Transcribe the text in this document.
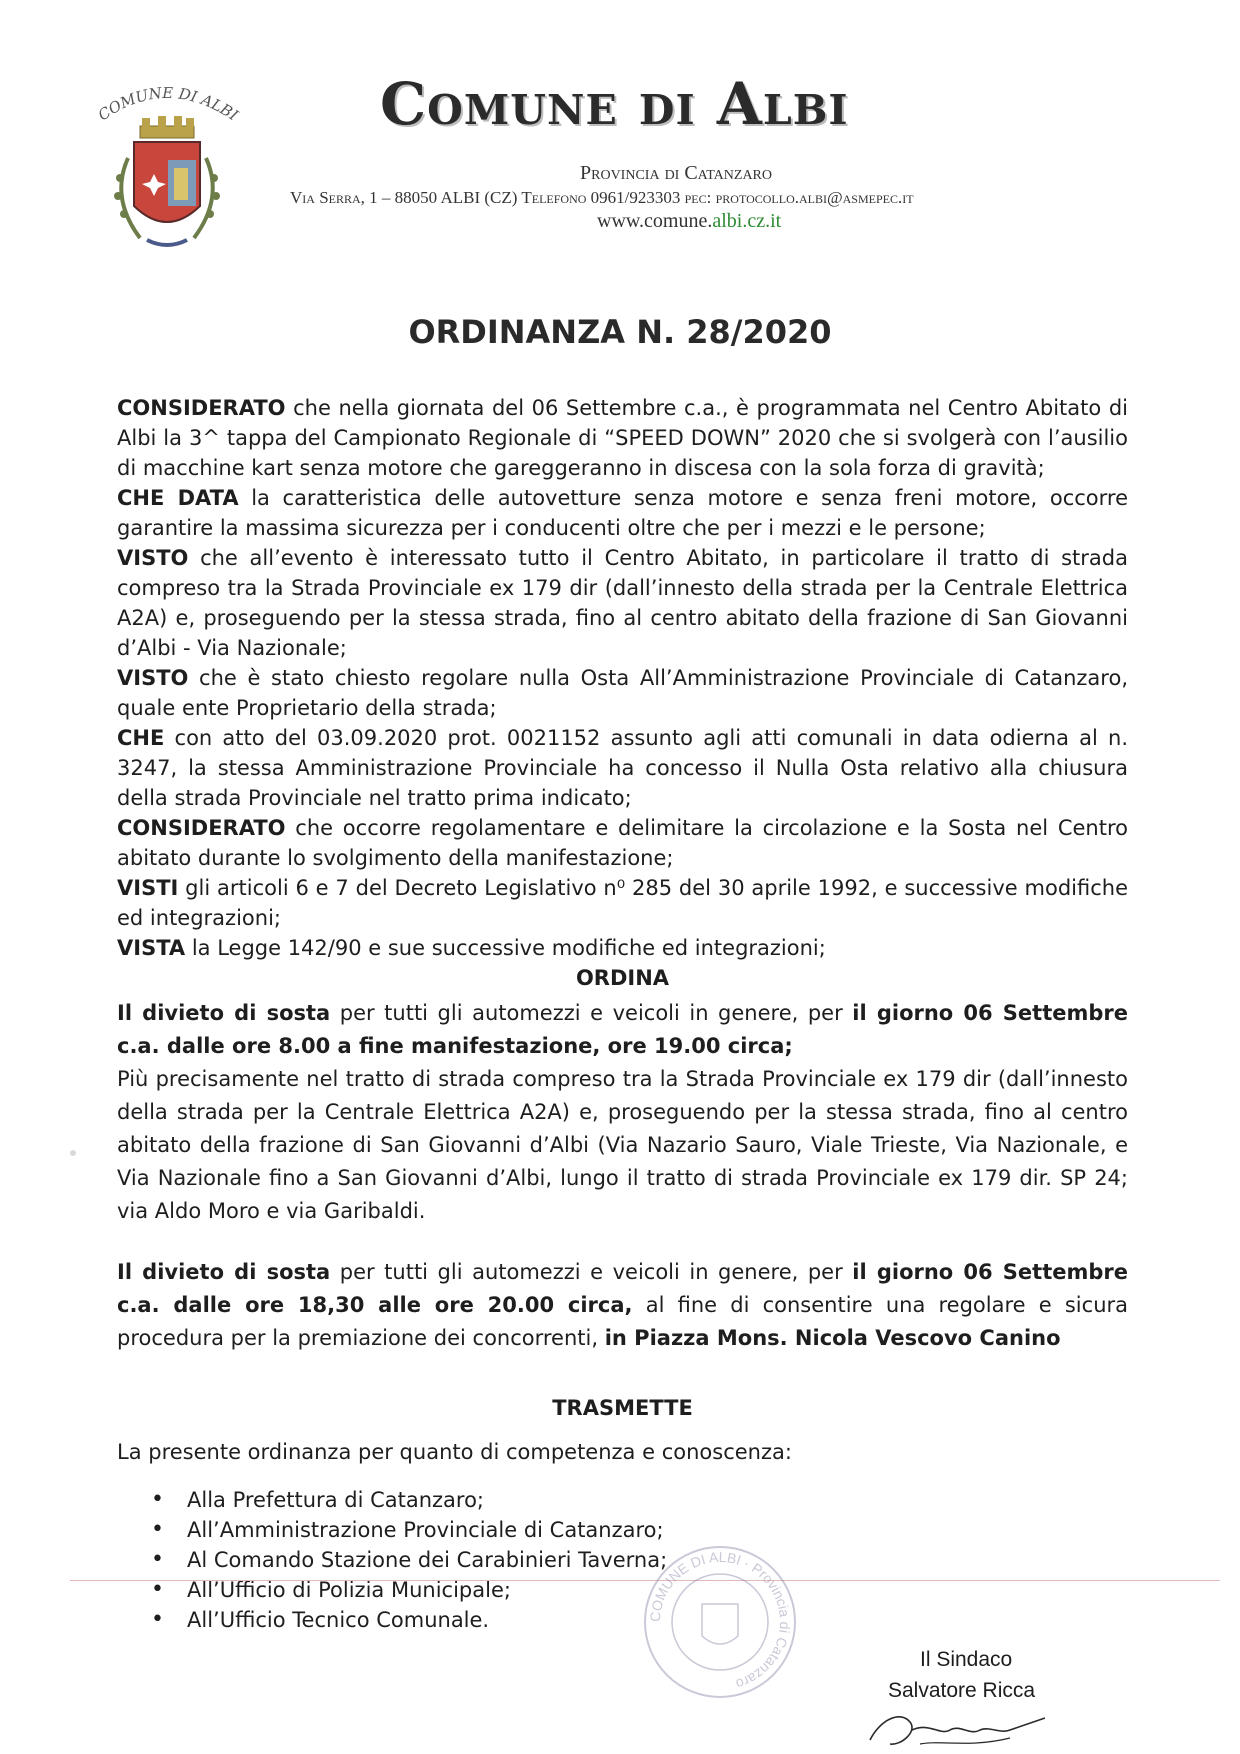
COMUNE DI ALBI Comune di Albi
Provincia di Catanzaro
Via Serra, 1 – 88050 ALBI (CZ) Telefono 0961/923303 pec: protocollo.albi@asmepec.it
www.comune.albi.cz.it
ORDINANZA N. 28/2020

CONSIDERATO che nella giornata del 06 Settembre c.a., è programmata nel Centro Abitato di Albi la 3^ tappa del Campionato Regionale di “SPEED DOWN” 2020 che si svolgerà con l’ausilio di macchine kart senza motore che gareggeranno in discesa con la sola forza di gravità;

CHE DATA la caratteristica delle autovetture senza motore e senza freni motore, occorre garantire la massima sicurezza per i conducenti oltre che per i mezzi e le persone;

VISTO che all’evento è interessato tutto il Centro Abitato, in particolare il tratto di strada compreso tra la Strada Provinciale ex 179 dir (dall’innesto della strada per la Centrale Elettrica A2A) e, proseguendo per la stessa strada, fino al centro abitato della frazione di San Giovanni d’Albi - Via Nazionale;

VISTO che è stato chiesto regolare nulla Osta All’Amministrazione Provinciale di Catanzaro, quale ente Proprietario della strada;

CHE con atto del 03.09.2020 prot. 0021152 assunto agli atti comunali in data odierna al n. 3247, la stessa Amministrazione Provinciale ha concesso il Nulla Osta relativo alla chiusura della strada Provinciale nel tratto prima indicato;

CONSIDERATO che occorre regolamentare e delimitare la circolazione e la Sosta nel Centro abitato durante lo svolgimento della manifestazione;

VISTI gli articoli 6 e 7 del Decreto Legislativo n⁰ 285 del 30 aprile 1992, e successive modifiche ed integrazioni;

VISTA la Legge 142/90 e sue successive modifiche ed integrazioni;

ORDINA

Il divieto di sosta per tutti gli automezzi e veicoli in genere, per il giorno 06 Settembre c.a. dalle ore 8.00 a fine manifestazione, ore 19.00 circa;

Più precisamente nel tratto di strada compreso tra la Strada Provinciale ex 179 dir (dall’innesto della strada per la Centrale Elettrica A2A) e, proseguendo per la stessa strada, fino al centro abitato della frazione di San Giovanni d’Albi (Via Nazario Sauro, Viale Trieste, Via Nazionale, e Via Nazionale fino a San Giovanni d’Albi, lungo il tratto di strada Provinciale ex 179 dir. SP 24; via Aldo Moro e via Garibaldi.

Il divieto di sosta per tutti gli automezzi e veicoli in genere, per il giorno 06 Settembre c.a. dalle ore 18,30 alle ore 20.00 circa, al fine di consentire una regolare e sicura procedura per la premiazione dei concorrenti, in Piazza Mons. Nicola Vescovo Canino

TRASMETTE

La presente ordinanza per quanto di competenza e conoscenza:

• Alla Prefettura di Catanzaro;
• All’Amministrazione Provinciale di Catanzaro;
• Al Comando Stazione dei Carabinieri Taverna;
• All’Ufficio di Polizia Municipale;
• All’Ufficio Tecnico Comunale.	COMUNE DI ALBI · Provincia di Catanzaro
Il Sindaco
Salvatore Ricca
